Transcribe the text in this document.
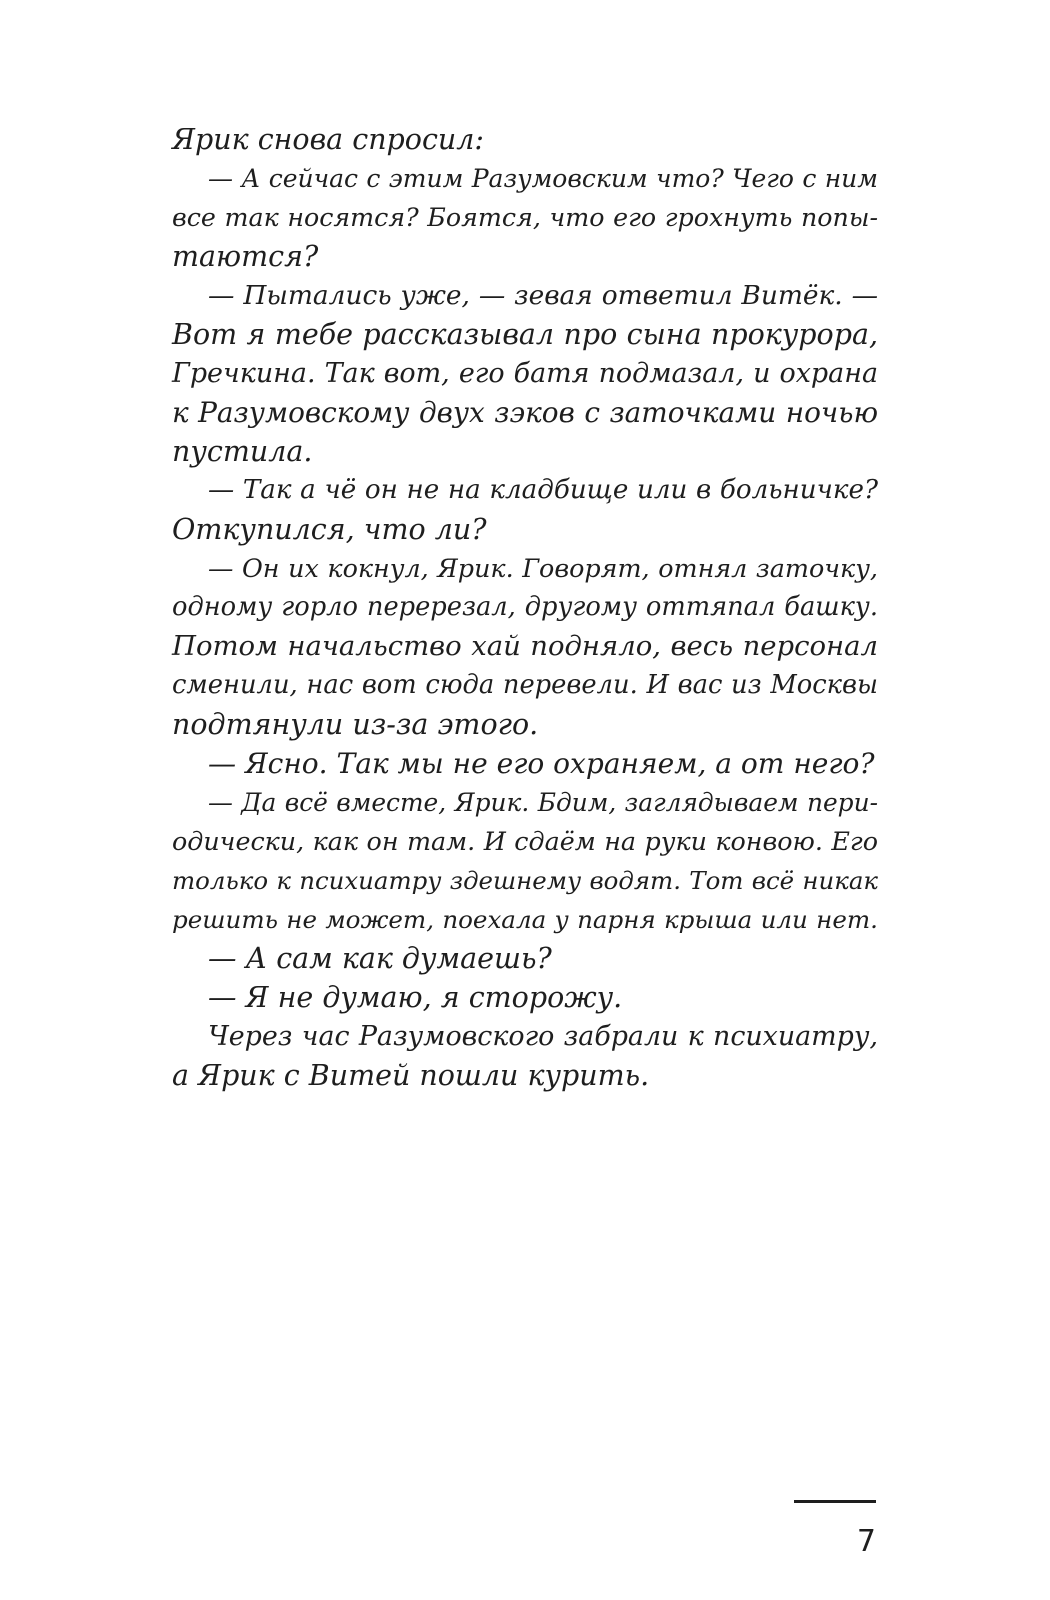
Ярик снова спросил:
— А сейчас с этим Разумовским что? Чего с ним
все так носятся? Боятся, что его грохнуть попы-
таются?
— Пытались уже, — зевая ответил Витёк. —
Вот я тебе рассказывал про сына прокурора,
Гречкина. Так вот, его батя подмазал, и охрана
к Разумовскому двух зэков с заточками ночью
пустила.
— Так а чё он не на кладбище или в больничке?
Откупился, что ли?
— Он их кокнул, Ярик. Говорят, отнял заточку,
одному горло перерезал, другому оттяпал башку.
Потом начальство хай подняло, весь персонал
сменили, нас вот сюда перевели. И вас из Москвы
подтянули из-за этого.
— Ясно. Так мы не его охраняем, а от него?
— Да всё вместе, Ярик. Бдим, заглядываем пери-
одически, как он там. И сдаём на руки конвою. Его
только к психиатру здешнему водят. Тот всё никак
решить не может, поехала у парня крыша или нет.
— А сам как думаешь?
— Я не думаю, я сторожу.
Через час Разумовского забрали к психиатру,
а Ярик с Витей пошли курить.
7
